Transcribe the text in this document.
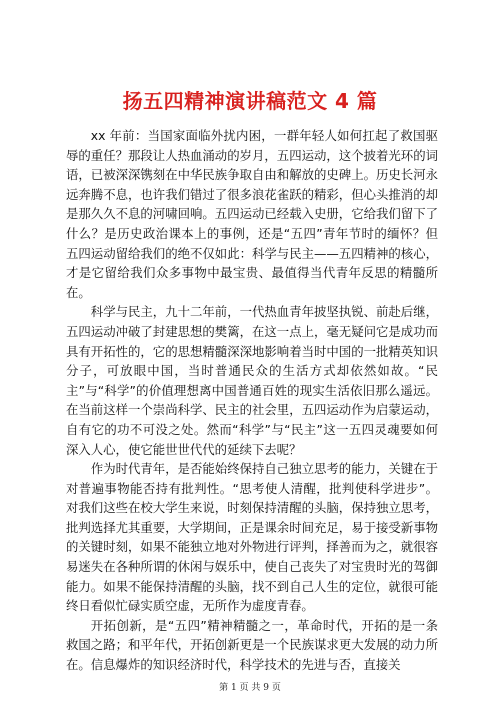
扬五四精神演讲稿范文 4 篇

xx 年前：当国家面临外扰内困，一群年轻人如何扛起了救国驱辱的重任？那段让人热血涌动的岁月，五四运动，这个披着光环的词语，已被深深镌刻在中华民族争取自由和解放的史碑上。历史长河永远奔腾不息，也许我们错过了很多浪花雀跃的精彩，但心头推消的却是那久久不息的河啸回响。五四运动已经载入史册，它给我们留下了什么？是历史政治课本上的事例，还是“五四”青年节时的缅怀？但五四运动留给我们的绝不仅如此：科学与民主——五四精神的核心，才是它留给我们众多事物中最宝贵、最值得当代青年反思的精髓所在。

科学与民主，九十二年前，一代热血青年披坚执锐、前赴后继，五四运动冲破了封建思想的樊篱，在这一点上，毫无疑问它是成功而具有开拓性的，它的思想精髓深深地影响着当时中国的一批精英知识分子，可放眼中国，当时普通民众的生活方式却依然如故。“民主”与“科学”的价值理想离中国普通百姓的现实生活依旧那么遥远。在当前这样一个崇尚科学、民主的社会里，五四运动作为启蒙运动，自有它的功不可没之处。然而“科学”与“民主”这一五四灵魂要如何深入人心，使它能世世代代的延续下去呢？

作为时代青年，是否能始终保持自己独立思考的能力，关键在于对普遍事物能否持有批判性。“思考使人清醒，批判使科学进步”。对我们这些在校大学生来说，时刻保持清醒的头脑，保持独立思考，批判选择尤其重要，大学期间，正是课余时间充足，易于接受新事物的关键时刻，如果不能独立地对外物进行评判，择善而为之，就很容易迷失在各种所谓的休闲与娱乐中，使自己丧失了对宝贵时光的驾御能力。如果不能保持清醒的头脑，找不到自己人生的定位，就很可能终日看似忙碌实质空虚，无所作为虚度青春。

开拓创新，是“五四”精神精髓之一，革命时代，开拓的是一条救国之路；和平年代，开拓创新更是一个民族谋求更大发展的动力所在。信息爆炸的知识经济时代，科学技术的先进与否，直接关

第 1 页 共 9 页
